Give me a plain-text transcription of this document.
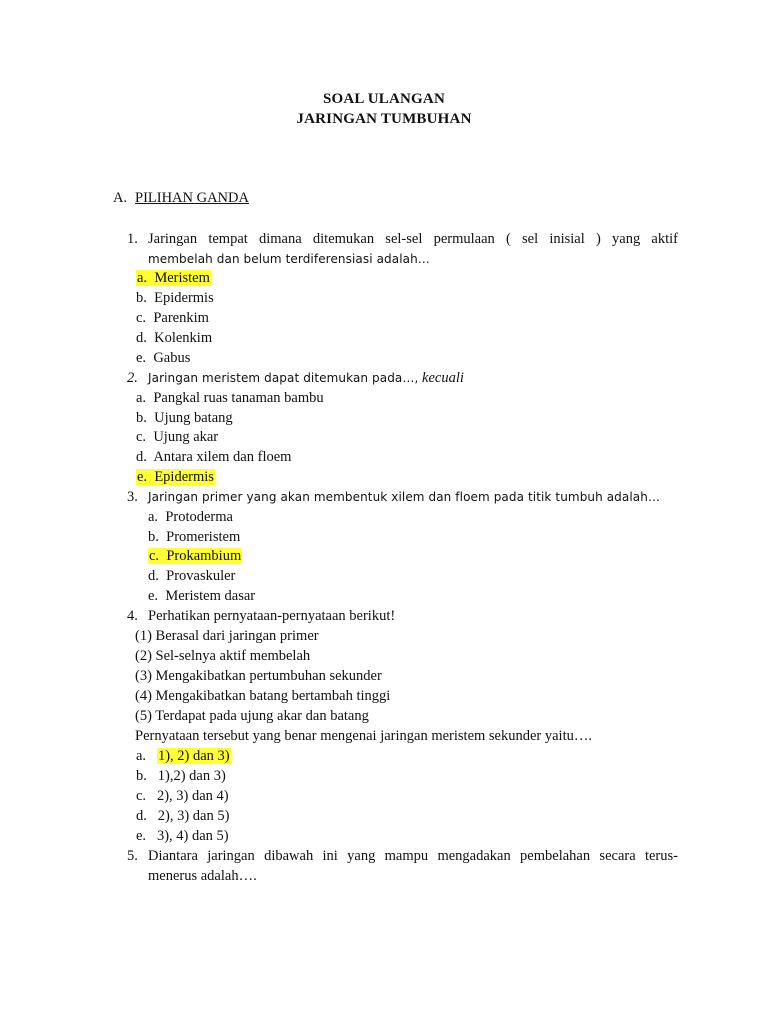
SOAL ULANGAN
JARINGAN TUMBUHAN
A. PILIHAN GANDA
1. Jaringan tempat dimana ditemukan sel-sel permulaan ( sel inisial ) yang aktif
membelah dan belum terdiferensiasi adalah…
a. Meristem
b. Epidermis
c. Parenkim
d. Kolenkim
e. Gabus
2. Jaringan meristem dapat ditemukan pada…, kecuali
a. Pangkal ruas tanaman bambu
b. Ujung batang
c. Ujung akar
d. Antara xilem dan floem
e. Epidermis
3. Jaringan primer yang akan membentuk xilem dan floem pada titik tumbuh adalah…
a. Protoderma
b. Promeristem
c. Prokambium
d. Provaskuler
e. Meristem dasar
4. Perhatikan pernyataan-pernyataan berikut!
(1) Berasal dari jaringan primer
(2) Sel-selnya aktif membelah
(3) Mengakibatkan pertumbuhan sekunder
(4) Mengakibatkan batang bertambah tinggi
(5) Terdapat pada ujung akar dan batang
Pernyataan tersebut yang benar mengenai jaringan meristem sekunder yaitu….
a. 1), 2) dan 3)
b. 1),2) dan 3)
c. 2), 3) dan 4)
d. 2), 3) dan 5)
e. 3), 4) dan 5)
5. Diantara jaringan dibawah ini yang mampu mengadakan pembelahan secara terus-
menerus adalah….
